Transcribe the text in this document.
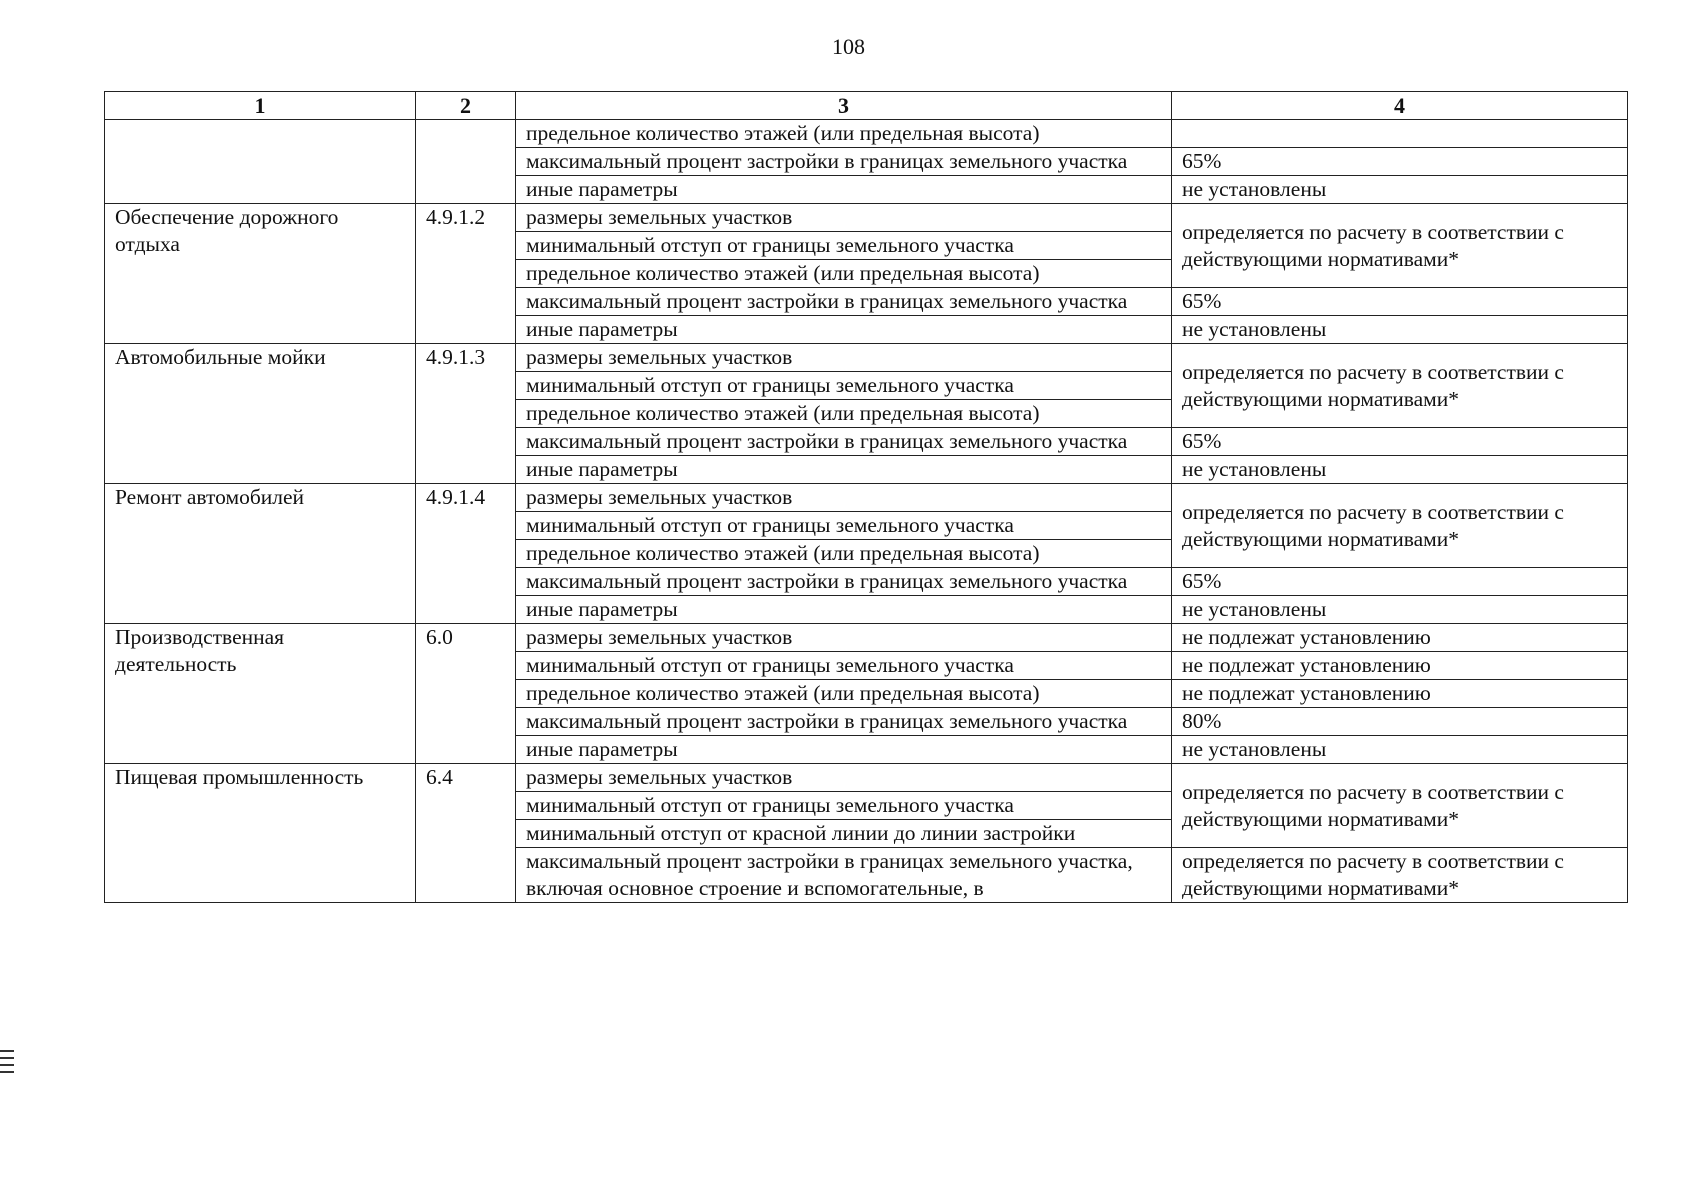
108
1	2	3	4
		предельное количество этажей (или предельная высота)	
		максимальный процент застройки в границах земельного участка	65%
		иные параметры	не установлены
Обеспечение дорожного отдыха	4.9.1.2	размеры земельных участков	определяется по расчету в соответствии с действующими нормативами*
		минимальный отступ от границы земельного участка	
		предельное количество этажей (или предельная высота)	
		максимальный процент застройки в границах земельного участка	65%
		иные параметры	не установлены
Автомобильные мойки	4.9.1.3	размеры земельных участков	определяется по расчету в соответствии с действующими нормативами*
		минимальный отступ от границы земельного участка	
		предельное количество этажей (или предельная высота)	
		максимальный процент застройки в границах земельного участка	65%
		иные параметры	не установлены
Ремонт автомобилей	4.9.1.4	размеры земельных участков	определяется по расчету в соответствии с действующими нормативами*
		минимальный отступ от границы земельного участка	
		предельное количество этажей (или предельная высота)	
		максимальный процент застройки в границах земельного участка	65%
		иные параметры	не установлены
Производственная деятельность	6.0	размеры земельных участков	не подлежат установлению
		минимальный отступ от границы земельного участка	не подлежат установлению
		предельное количество этажей (или предельная высота)	не подлежат установлению
		максимальный процент застройки в границах земельного участка	80%
		иные параметры	не установлены
Пищевая промышленность	6.4	размеры земельных участков	определяется по расчету в соответствии с действующими нормативами*
		минимальный отступ от границы земельного участка	
		минимальный отступ от красной линии до линии застройки	
		максимальный процент застройки в границах земельного участка, включая основное строение и вспомогательные, в	определяется по расчету в соответствии с действующими нормативами*
